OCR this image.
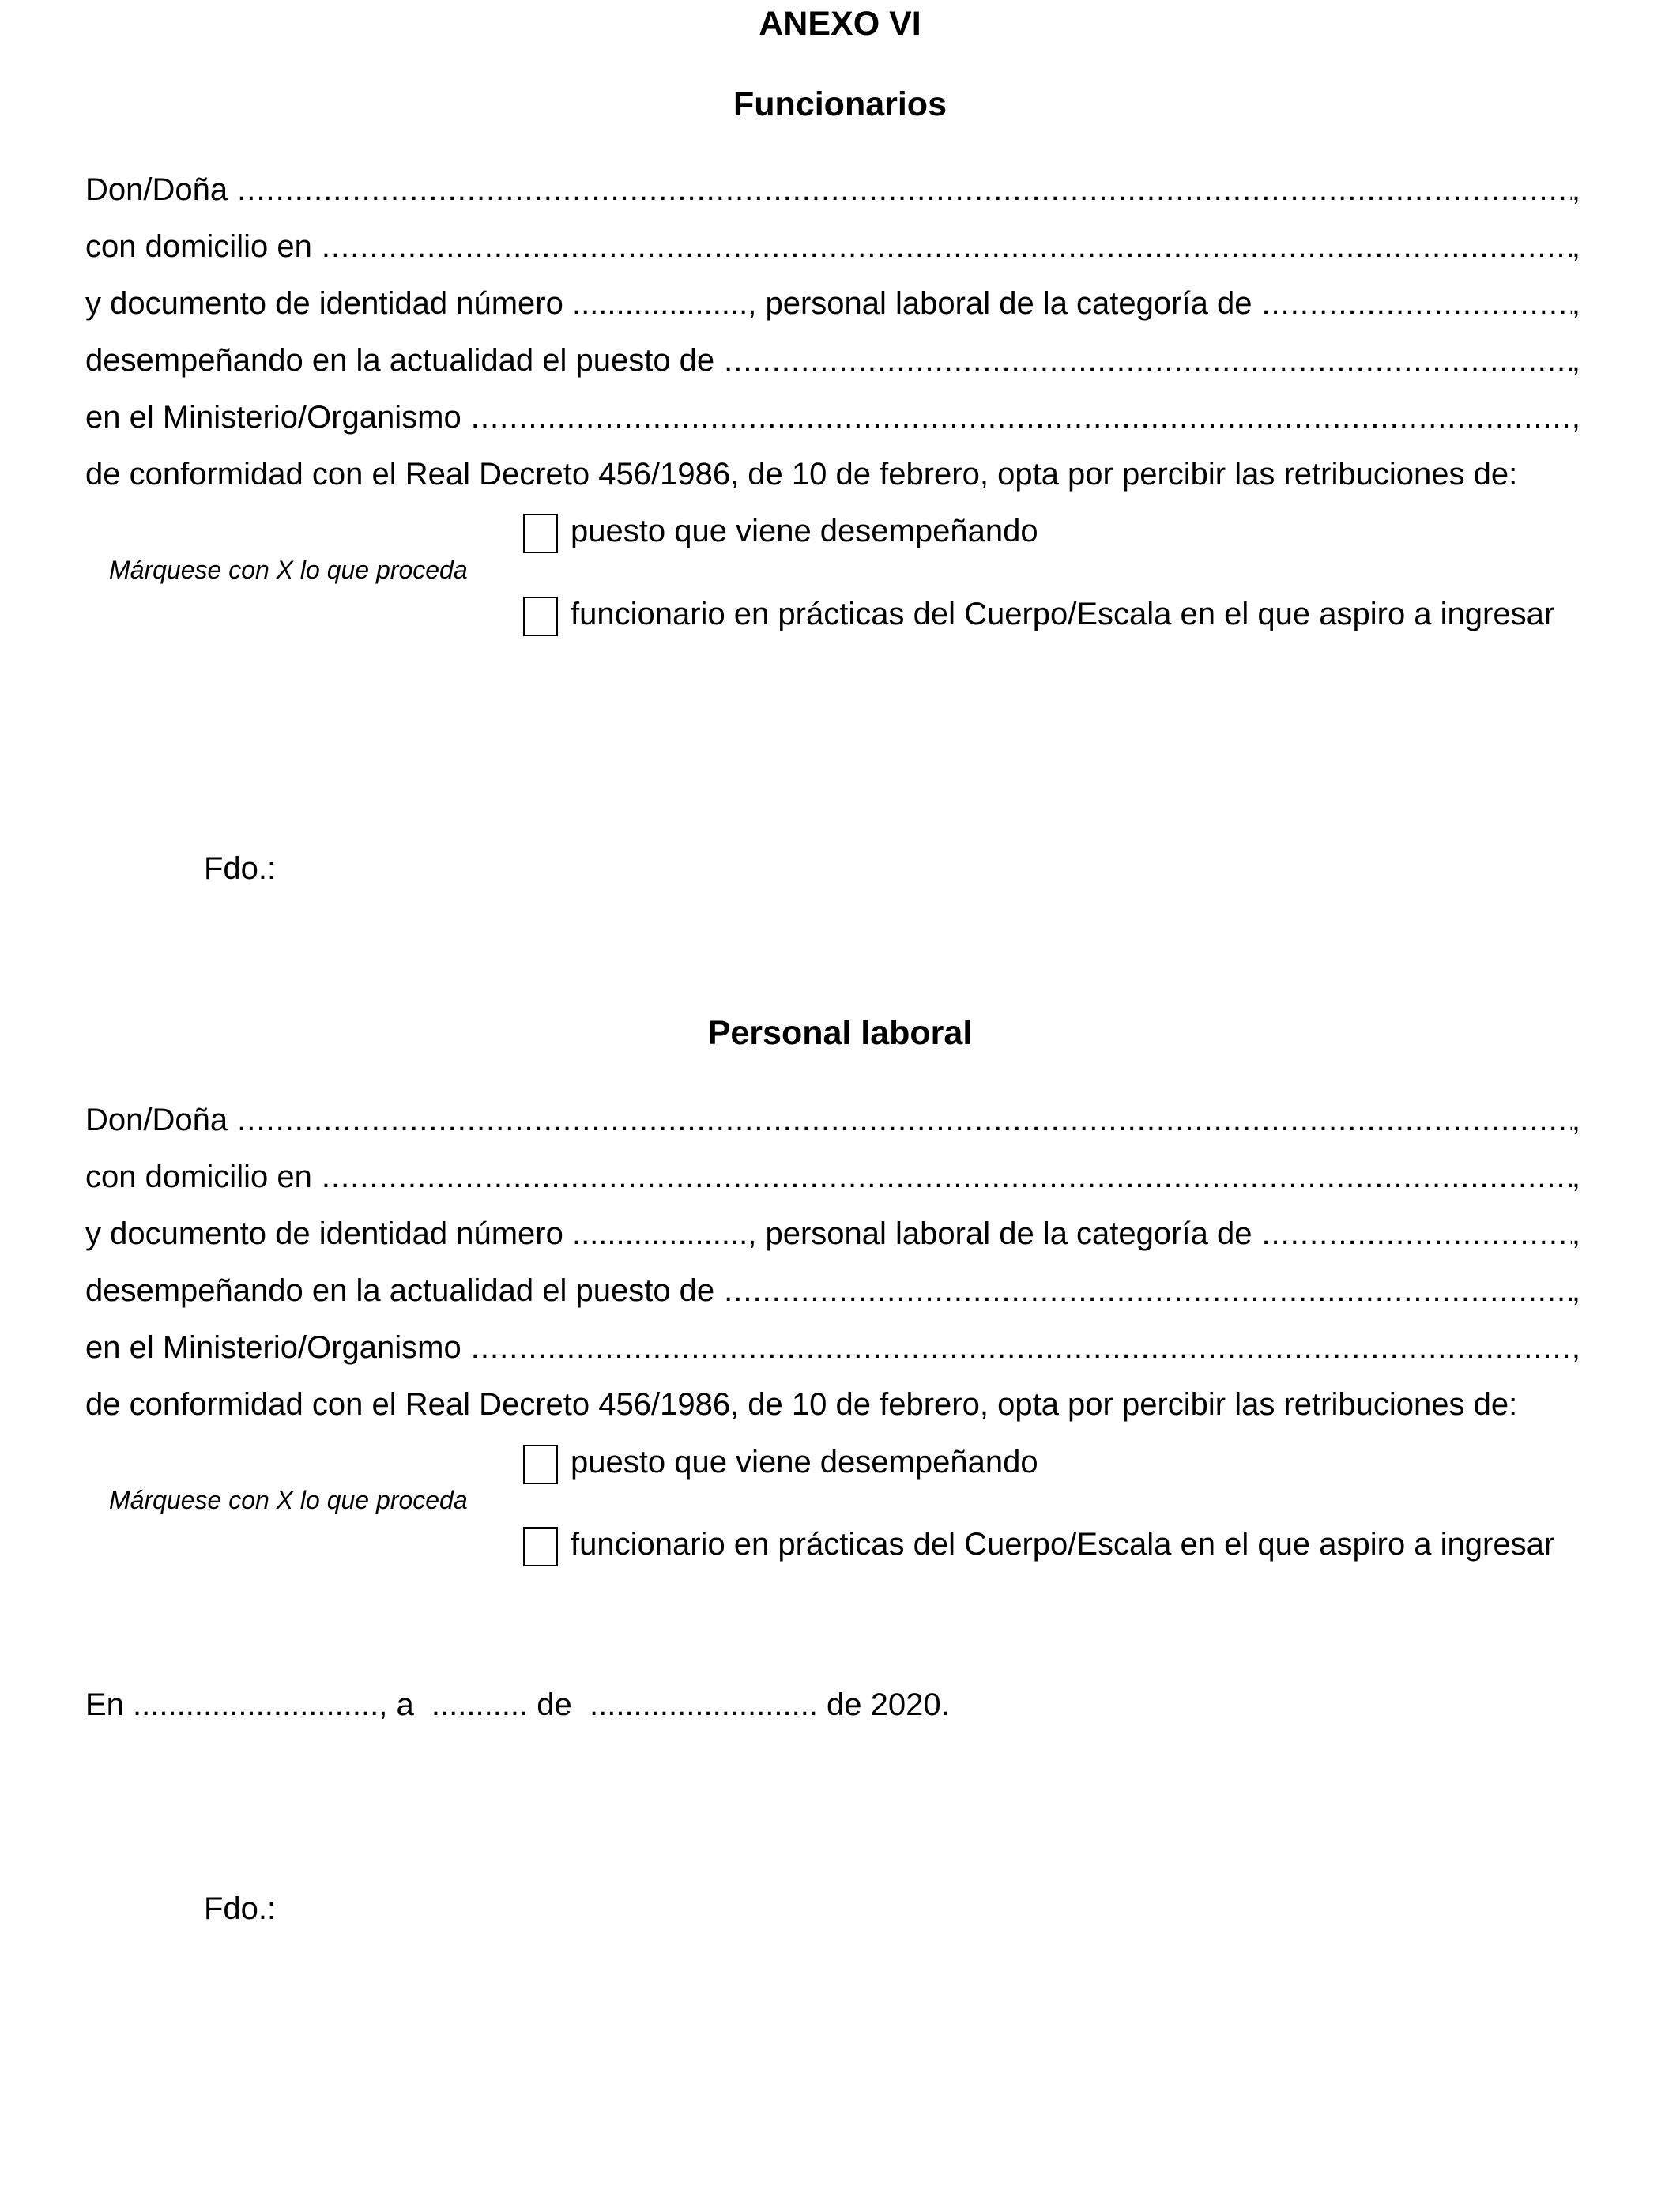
ANEXO VI
Funcionarios
Don/Doña .....	,
con domicilio en .....	,
y documento de identidad número .................... , personal laboral de la categoría de .....	,
desempeñando en la actualidad el puesto de .....	,
en el Ministerio/Organismo .....	,
de conformidad con el Real Decreto 456/1986, de 10 de febrero, opta por percibir las retribuciones de:
Márquese con X lo que proceda
puesto que viene desempeñando
funcionario en prácticas del Cuerpo/Escala en el que aspiro a ingresar
Fdo.:
Personal laboral
Don/Doña .....	,
con domicilio en .....	,
y documento de identidad número .................... , personal laboral de la categoría de .....	,
desempeñando en la actualidad el puesto de .....	,
en el Ministerio/Organismo .....	,
de conformidad con el Real Decreto 456/1986, de 10 de febrero, opta por percibir las retribuciones de:
Márquese con X lo que proceda
puesto que viene desempeñando
funcionario en prácticas del Cuerpo/Escala en el que aspiro a ingresar
En ............................, a  ........... de  .......................... de 2020.
Fdo.:
